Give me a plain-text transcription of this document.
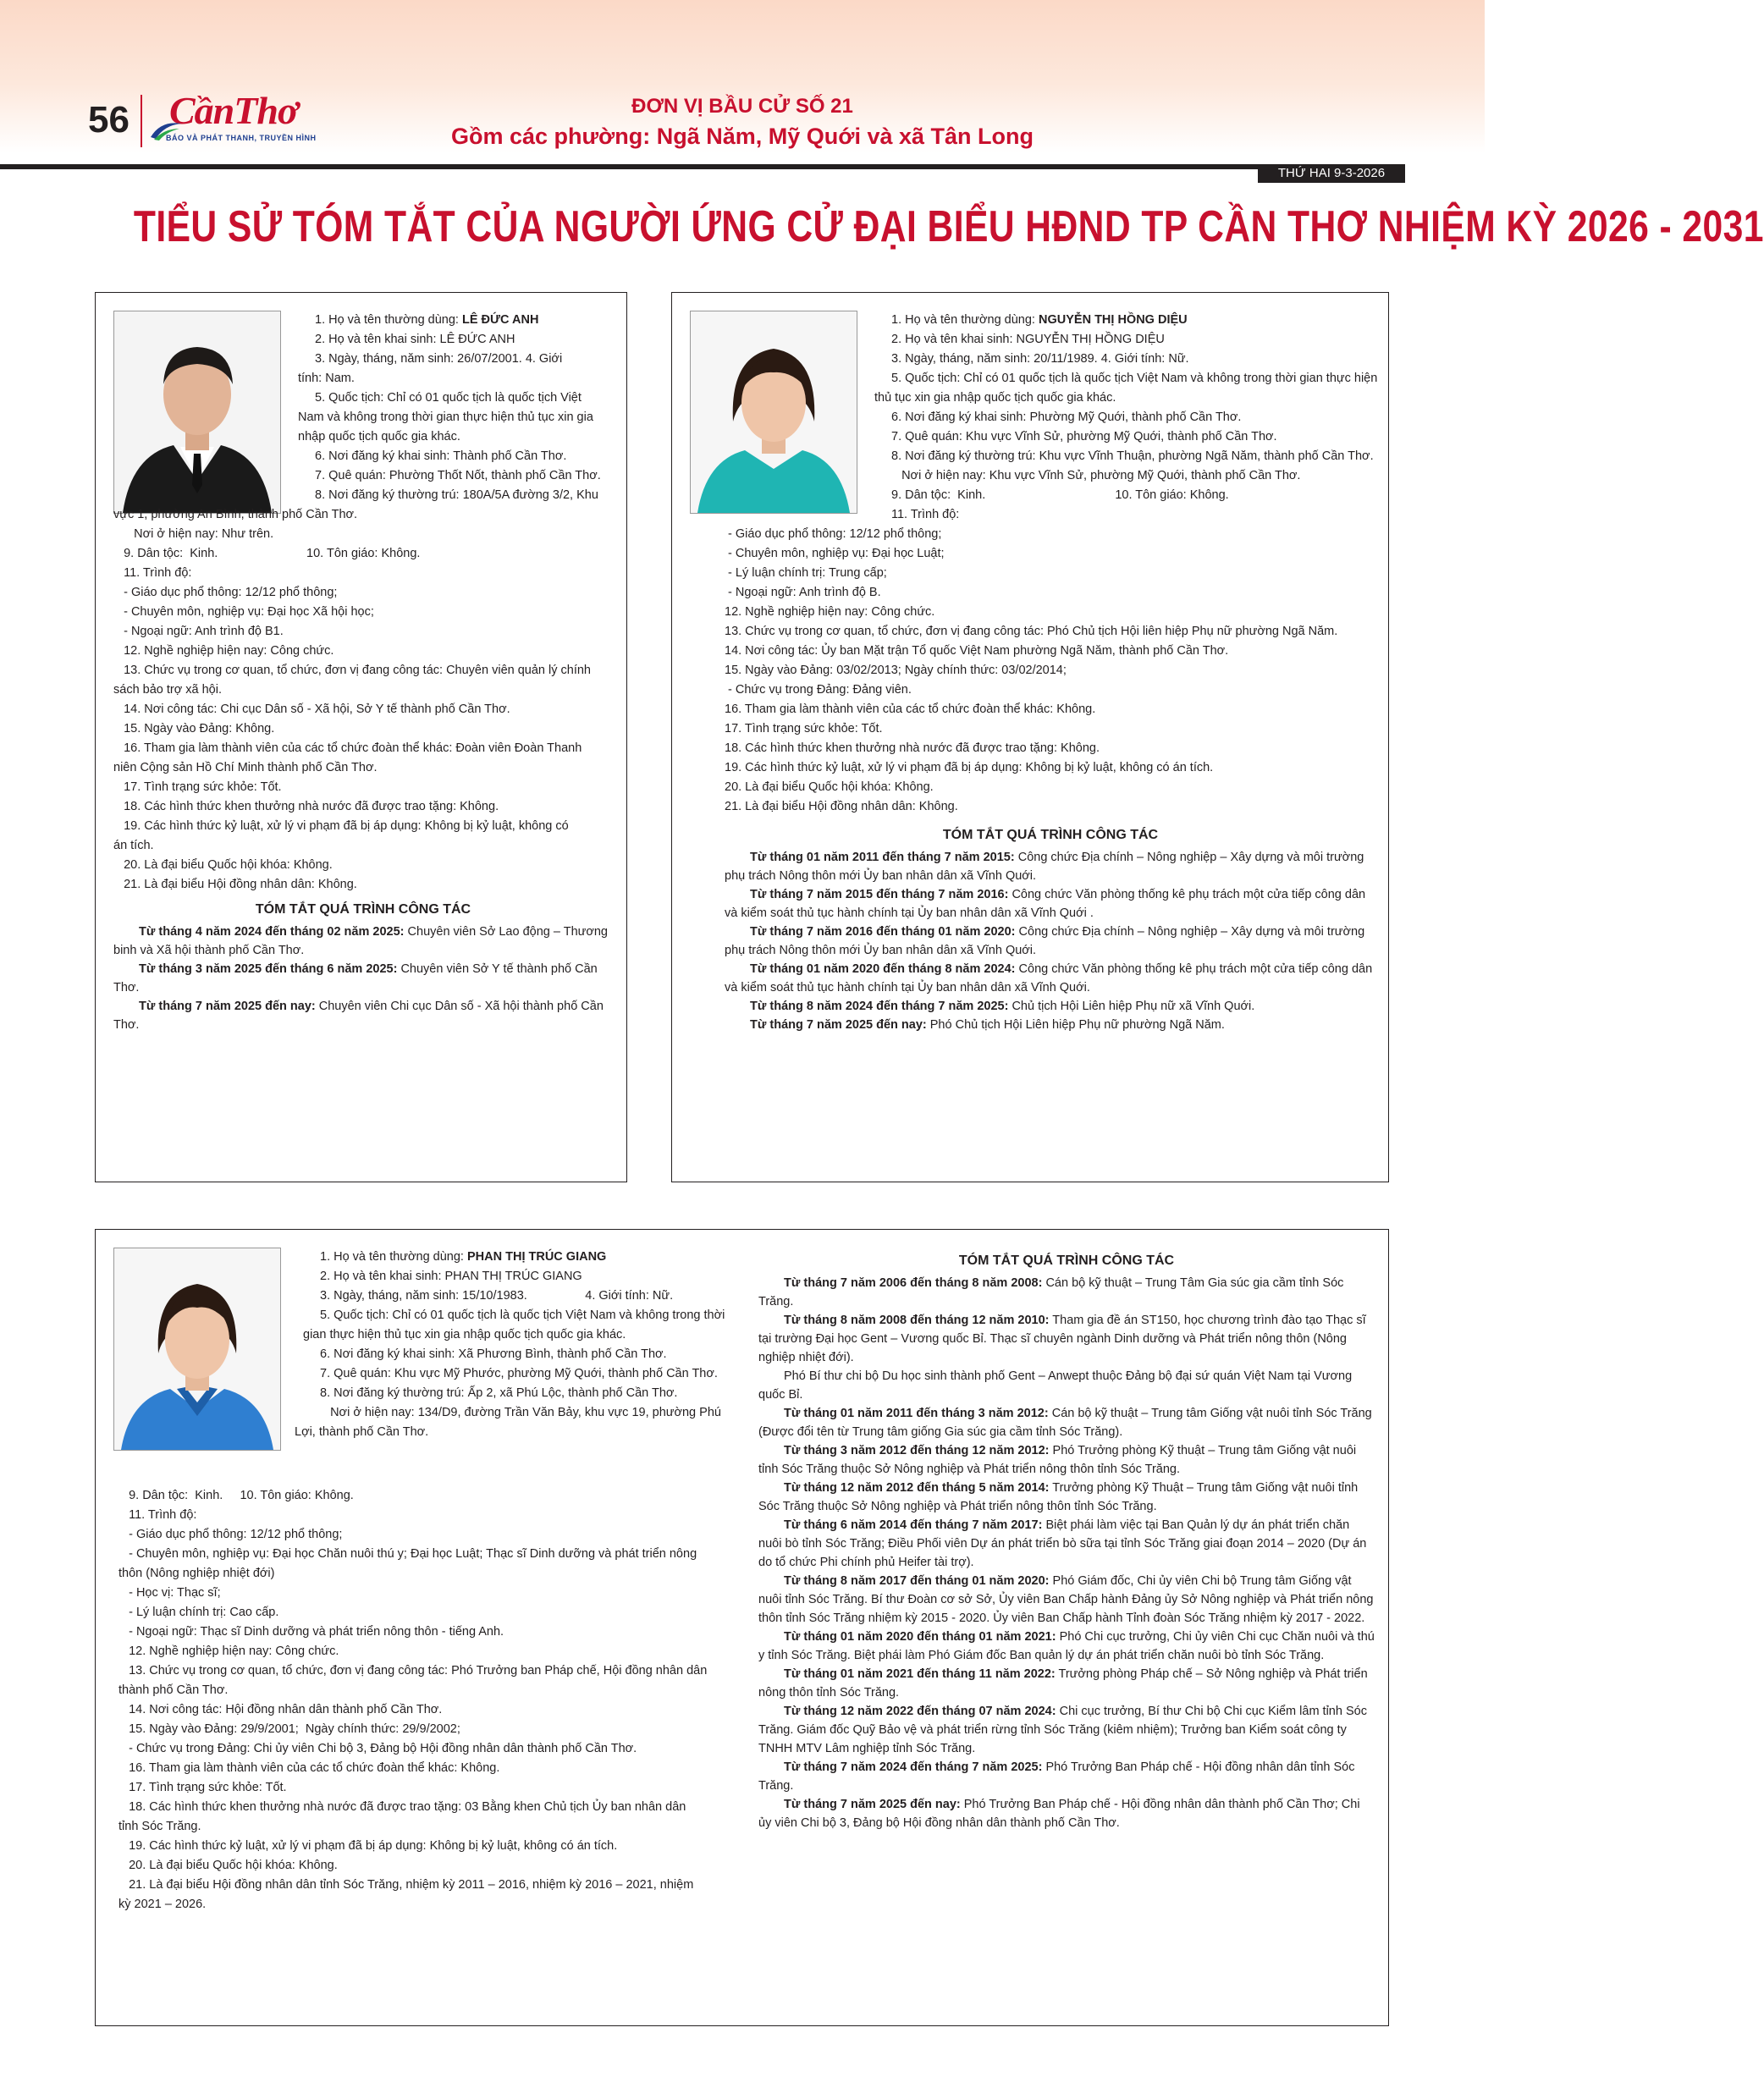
56	CầnThơ
BÁO VÀ PHÁT THANH, TRUYỀN HÌNH
ĐƠN VỊ BẦU CỬ SỐ 21
Gồm các phường: Ngã Năm, Mỹ Quới và xã Tân Long
THỨ HAI 9-3-2026
TIỂU SỬ TÓM TẮT CỦA NGƯỜI ỨNG CỬ ĐẠI BIỂU HĐND TP CẦN THƠ NHIỆM KỲ 2026 - 2031
1. Họ và tên thường dùng: LÊ ĐỨC ANH
2. Họ và tên khai sinh: LÊ ĐỨC ANH
3. Ngày, tháng, năm sinh: 26/07/2001. 4. Giới
tính: Nam.
5. Quốc tịch: Chỉ có 01 quốc tịch là quốc tịch Việt
Nam và không trong thời gian thực hiện thủ tục xin gia
nhập quốc tịch quốc gia khác.
6. Nơi đăng ký khai sinh: Thành phố Cần Thơ.
7. Quê quán: Phường Thốt Nốt, thành phố Cần Thơ.
8. Nơi đăng ký thường trú: 180A/5A đường 3/2, Khu
vực 1, phường An Bình, thành phố Cần Thơ.
Nơi ở hiện nay: Như trên.
9. Dân tộc:  Kinh.                          10. Tôn giáo: Không.
11. Trình độ:
- Giáo dục phổ thông: 12/12 phổ thông;
- Chuyên môn, nghiệp vụ: Đại học Xã hội học;
- Ngoại ngữ: Anh trình độ B1.
12. Nghề nghiệp hiện nay: Công chức.
13. Chức vụ trong cơ quan, tổ chức, đơn vị đang công tác: Chuyên viên quản lý chính
sách bảo trợ xã hội.
14. Nơi công tác: Chi cục Dân số - Xã hội, Sở Y tế thành phố Cần Thơ.
15. Ngày vào Đảng: Không.
16. Tham gia làm thành viên của các tổ chức đoàn thể khác: Đoàn viên Đoàn Thanh
niên Cộng sản Hồ Chí Minh thành phố Cần Thơ.
17. Tình trạng sức khỏe: Tốt.
18. Các hình thức khen thưởng nhà nước đã được trao tặng: Không.
19. Các hình thức kỷ luật, xử lý vi phạm đã bị áp dụng: Không bị kỷ luật, không có
án tích.
20. Là đại biểu Quốc hội khóa: Không.
21. Là đại biểu Hội đồng nhân dân: Không.
TÓM TẮT QUÁ TRÌNH CÔNG TÁC
Từ tháng 4 năm 2024 đến tháng 02 năm 2025: Chuyên viên Sở Lao động – Thương binh và Xã hội thành phố Cần Thơ.
Từ tháng 3 năm 2025 đến tháng 6 năm 2025: Chuyên viên Sở Y tế thành phố Cần Thơ.
Từ tháng 7 năm 2025 đến nay: Chuyên viên Chi cục Dân số - Xã hội thành phố Cần Thơ.
1. Họ và tên thường dùng: NGUYỄN THỊ HỒNG DIỆU
2. Họ và tên khai sinh: NGUYỄN THỊ HỒNG DIỆU
3. Ngày, tháng, năm sinh: 20/11/1989. 4. Giới tính: Nữ.
5. Quốc tịch: Chỉ có 01 quốc tịch là quốc tịch Việt Nam và không trong thời gian thực hiện
thủ tục xin gia nhập quốc tịch quốc gia khác.
6. Nơi đăng ký khai sinh: Phường Mỹ Quới, thành phố Cần Thơ.
7. Quê quán: Khu vực Vĩnh Sử, phường Mỹ Quới, thành phố Cần Thơ.
8. Nơi đăng ký thường trú: Khu vực Vĩnh Thuận, phường Ngã Năm, thành phố Cần Thơ.
Nơi ở hiện nay: Khu vực Vĩnh Sử, phường Mỹ Quới, thành phố Cần Thơ.
9. Dân tộc:  Kinh.                                      10. Tôn giáo: Không.
11. Trình độ:
- Giáo dục phổ thông: 12/12 phổ thông;
- Chuyên môn, nghiệp vụ: Đại học Luật;
- Lý luận chính trị: Trung cấp;
- Ngoại ngữ: Anh trình độ B.
12. Nghề nghiệp hiện nay: Công chức.
13. Chức vụ trong cơ quan, tổ chức, đơn vị đang công tác: Phó Chủ tịch Hội liên hiệp Phụ nữ phường Ngã Năm.
14. Nơi công tác: Ủy ban Mặt trận Tổ quốc Việt Nam phường Ngã Năm, thành phố Cần Thơ.
15. Ngày vào Đảng: 03/02/2013; Ngày chính thức: 03/02/2014;
- Chức vụ trong Đảng: Đảng viên.
16. Tham gia làm thành viên của các tổ chức đoàn thể khác: Không.
17. Tình trạng sức khỏe: Tốt.
18. Các hình thức khen thưởng nhà nước đã được trao tặng: Không.
19. Các hình thức kỷ luật, xử lý vi phạm đã bị áp dụng: Không bị kỷ luật, không có án tích.
20. Là đại biểu Quốc hội khóa: Không.
21. Là đại biểu Hội đồng nhân dân: Không.
TÓM TẮT QUÁ TRÌNH CÔNG TÁC
Từ tháng 01 năm 2011 đến tháng 7 năm 2015: Công chức Địa chính – Nông nghiệp – Xây dựng và môi trường phụ trách Nông thôn mới Ủy ban nhân dân xã Vĩnh Quới.
Từ tháng 7 năm 2015 đến tháng 7 năm 2016: Công chức Văn phòng thống kê phụ trách một cửa tiếp công dân và kiểm soát thủ tục hành chính tại Ủy ban nhân dân xã Vĩnh Quới .
Từ tháng 7 năm 2016 đến tháng 01 năm 2020: Công chức Địa chính – Nông nghiệp – Xây dựng và môi trường phụ trách Nông thôn mới Ủy ban nhân dân xã Vĩnh Quới.
Từ tháng 01 năm 2020 đến tháng 8 năm 2024: Công chức Văn phòng thống kê phụ trách một cửa tiếp công dân và kiểm soát thủ tục hành chính tại Ủy ban nhân dân xã Vĩnh Quới.
Từ tháng 8 năm 2024 đến tháng 7 năm 2025: Chủ tịch Hội Liên hiệp Phụ nữ xã Vĩnh Quới.
Từ tháng 7 năm 2025 đến nay: Phó Chủ tịch Hội Liên hiệp Phụ nữ phường Ngã Năm.
1. Họ và tên thường dùng: PHAN THỊ TRÚC GIANG
2. Họ và tên khai sinh: PHAN THỊ TRÚC GIANG
3. Ngày, tháng, năm sinh: 15/10/1983.                 4. Giới tính: Nữ.
5. Quốc tịch: Chỉ có 01 quốc tịch là quốc tịch Việt Nam và không trong thời
gian thực hiện thủ tục xin gia nhập quốc tịch quốc gia khác.
6. Nơi đăng ký khai sinh: Xã Phương Bình, thành phố Cần Thơ.
7. Quê quán: Khu vực Mỹ Phước, phường Mỹ Quới, thành phố Cần Thơ.
8. Nơi đăng ký thường trú: Ấp 2, xã Phú Lộc, thành phố Cần Thơ.
Nơi ở hiện nay: 134/D9, đường Trần Văn Bảy, khu vực 19, phường Phú
Lợi, thành phố Cần Thơ.
9. Dân tộc:  Kinh.     10. Tôn giáo: Không.
11. Trình độ:
- Giáo dục phổ thông: 12/12 phổ thông;
- Chuyên môn, nghiệp vụ: Đại học Chăn nuôi thú y; Đại học Luật; Thạc sĩ Dinh dưỡng và phát triển nông
thôn (Nông nghiệp nhiệt đới)
- Học vị: Thạc sĩ;
- Lý luận chính trị: Cao cấp.
- Ngoại ngữ: Thạc sĩ Dinh dưỡng và phát triển nông thôn - tiếng Anh.
12. Nghề nghiệp hiện nay: Công chức.
13. Chức vụ trong cơ quan, tổ chức, đơn vị đang công tác: Phó Trưởng ban Pháp chế, Hội đồng nhân dân
thành phố Cần Thơ.
14. Nơi công tác: Hội đồng nhân dân thành phố Cần Thơ.
15. Ngày vào Đảng: 29/9/2001;  Ngày chính thức: 29/9/2002;
- Chức vụ trong Đảng: Chi ủy viên Chi bộ 3, Đảng bộ Hội đồng nhân dân thành phố Cần Thơ.
16. Tham gia làm thành viên của các tổ chức đoàn thể khác: Không.
17. Tình trạng sức khỏe: Tốt.
18. Các hình thức khen thưởng nhà nước đã được trao tặng: 03 Bằng khen Chủ tịch Ủy ban nhân dân
tỉnh Sóc Trăng.
19. Các hình thức kỷ luật, xử lý vi phạm đã bị áp dụng: Không bị kỷ luật, không có án tích.
20. Là đại biểu Quốc hội khóa: Không.
21. Là đại biểu Hội đồng nhân dân tỉnh Sóc Trăng, nhiệm kỳ 2011 – 2016, nhiệm kỳ 2016 – 2021, nhiệm
kỳ 2021 – 2026.
TÓM TẮT QUÁ TRÌNH CÔNG TÁC
Từ tháng 7 năm 2006 đến tháng 8 năm 2008: Cán bộ kỹ thuật – Trung Tâm Gia súc gia cầm tỉnh Sóc Trăng.
Từ tháng 8 năm 2008 đến tháng 12 năm 2010: Tham gia đề án ST150, học chương trình đào tạo Thạc sĩ tại trường Đại học Gent – Vương quốc Bỉ. Thạc sĩ chuyên ngành Dinh dưỡng và Phát triển nông thôn (Nông nghiệp nhiệt đới).
Phó Bí thư chi bộ Du học sinh thành phố Gent – Anwept thuộc Đảng bộ đại sứ quán Việt Nam tại Vương quốc Bỉ.
Từ tháng 01 năm 2011 đến tháng 3 năm 2012: Cán bộ kỹ thuật – Trung tâm Giống vật nuôi tỉnh Sóc Trăng (Được đổi tên từ Trung tâm giống Gia súc gia cầm tỉnh Sóc Trăng).
Từ tháng 3 năm 2012 đến tháng 12 năm 2012: Phó Trưởng phòng Kỹ thuật – Trung tâm Giống vật nuôi tỉnh Sóc Trăng thuộc Sở Nông nghiệp và Phát triển nông thôn tỉnh Sóc Trăng.
Từ tháng 12 năm 2012 đến tháng 5 năm 2014: Trưởng phòng Kỹ Thuật – Trung tâm Giống vật nuôi tỉnh Sóc Trăng thuộc Sở Nông nghiệp và Phát triển nông thôn tỉnh Sóc Trăng.
Từ tháng 6 năm 2014 đến tháng 7 năm 2017: Biệt phái làm việc tại Ban Quản lý dự án phát triển chăn nuôi bò tỉnh Sóc Trăng; Điều Phối viên Dự án phát triển bò sữa tại tỉnh Sóc Trăng giai đoạn 2014 – 2020 (Dự án do tổ chức Phi chính phủ Heifer tài trợ).
Từ tháng 8 năm 2017 đến tháng 01 năm 2020: Phó Giám đốc, Chi ủy viên Chi bộ Trung tâm Giống vật nuôi tỉnh Sóc Trăng. Bí thư Đoàn cơ sở Sở, Ủy viên Ban Chấp hành Đảng ủy Sở Nông nghiệp và Phát triển nông thôn tỉnh Sóc Trăng nhiệm kỳ 2015 - 2020. Ủy viên Ban Chấp hành Tỉnh đoàn Sóc Trăng nhiệm kỳ 2017 - 2022.
Từ tháng 01 năm 2020 đến tháng 01 năm 2021: Phó Chi cục trưởng, Chi ủy viên Chi cục Chăn nuôi và thú y tỉnh Sóc Trăng. Biệt phái làm Phó Giám đốc Ban quản lý dự án phát triển chăn nuôi bò tỉnh Sóc Trăng.
Từ tháng 01 năm 2021 đến tháng 11 năm 2022: Trưởng phòng Pháp chế – Sở Nông nghiệp và Phát triển nông thôn tỉnh Sóc Trăng.
Từ tháng 12 năm 2022 đến tháng 07 năm 2024: Chi cục trưởng, Bí thư Chi bộ Chi cục Kiểm lâm tỉnh Sóc Trăng. Giám đốc Quỹ Bảo vệ và phát triển rừng tỉnh Sóc Trăng (kiêm nhiệm); Trưởng ban Kiểm soát công ty TNHH MTV Lâm nghiệp tỉnh Sóc Trăng.
Từ tháng 7 năm 2024 đến tháng 7 năm 2025: Phó Trưởng Ban Pháp chế - Hội đồng nhân dân tỉnh Sóc Trăng.
Từ tháng 7 năm 2025 đến nay: Phó Trưởng Ban Pháp chế - Hội đồng nhân dân thành phố Cần Thơ; Chi ủy viên Chi bộ 3, Đảng bộ Hội đồng nhân dân thành phố Cần Thơ.
